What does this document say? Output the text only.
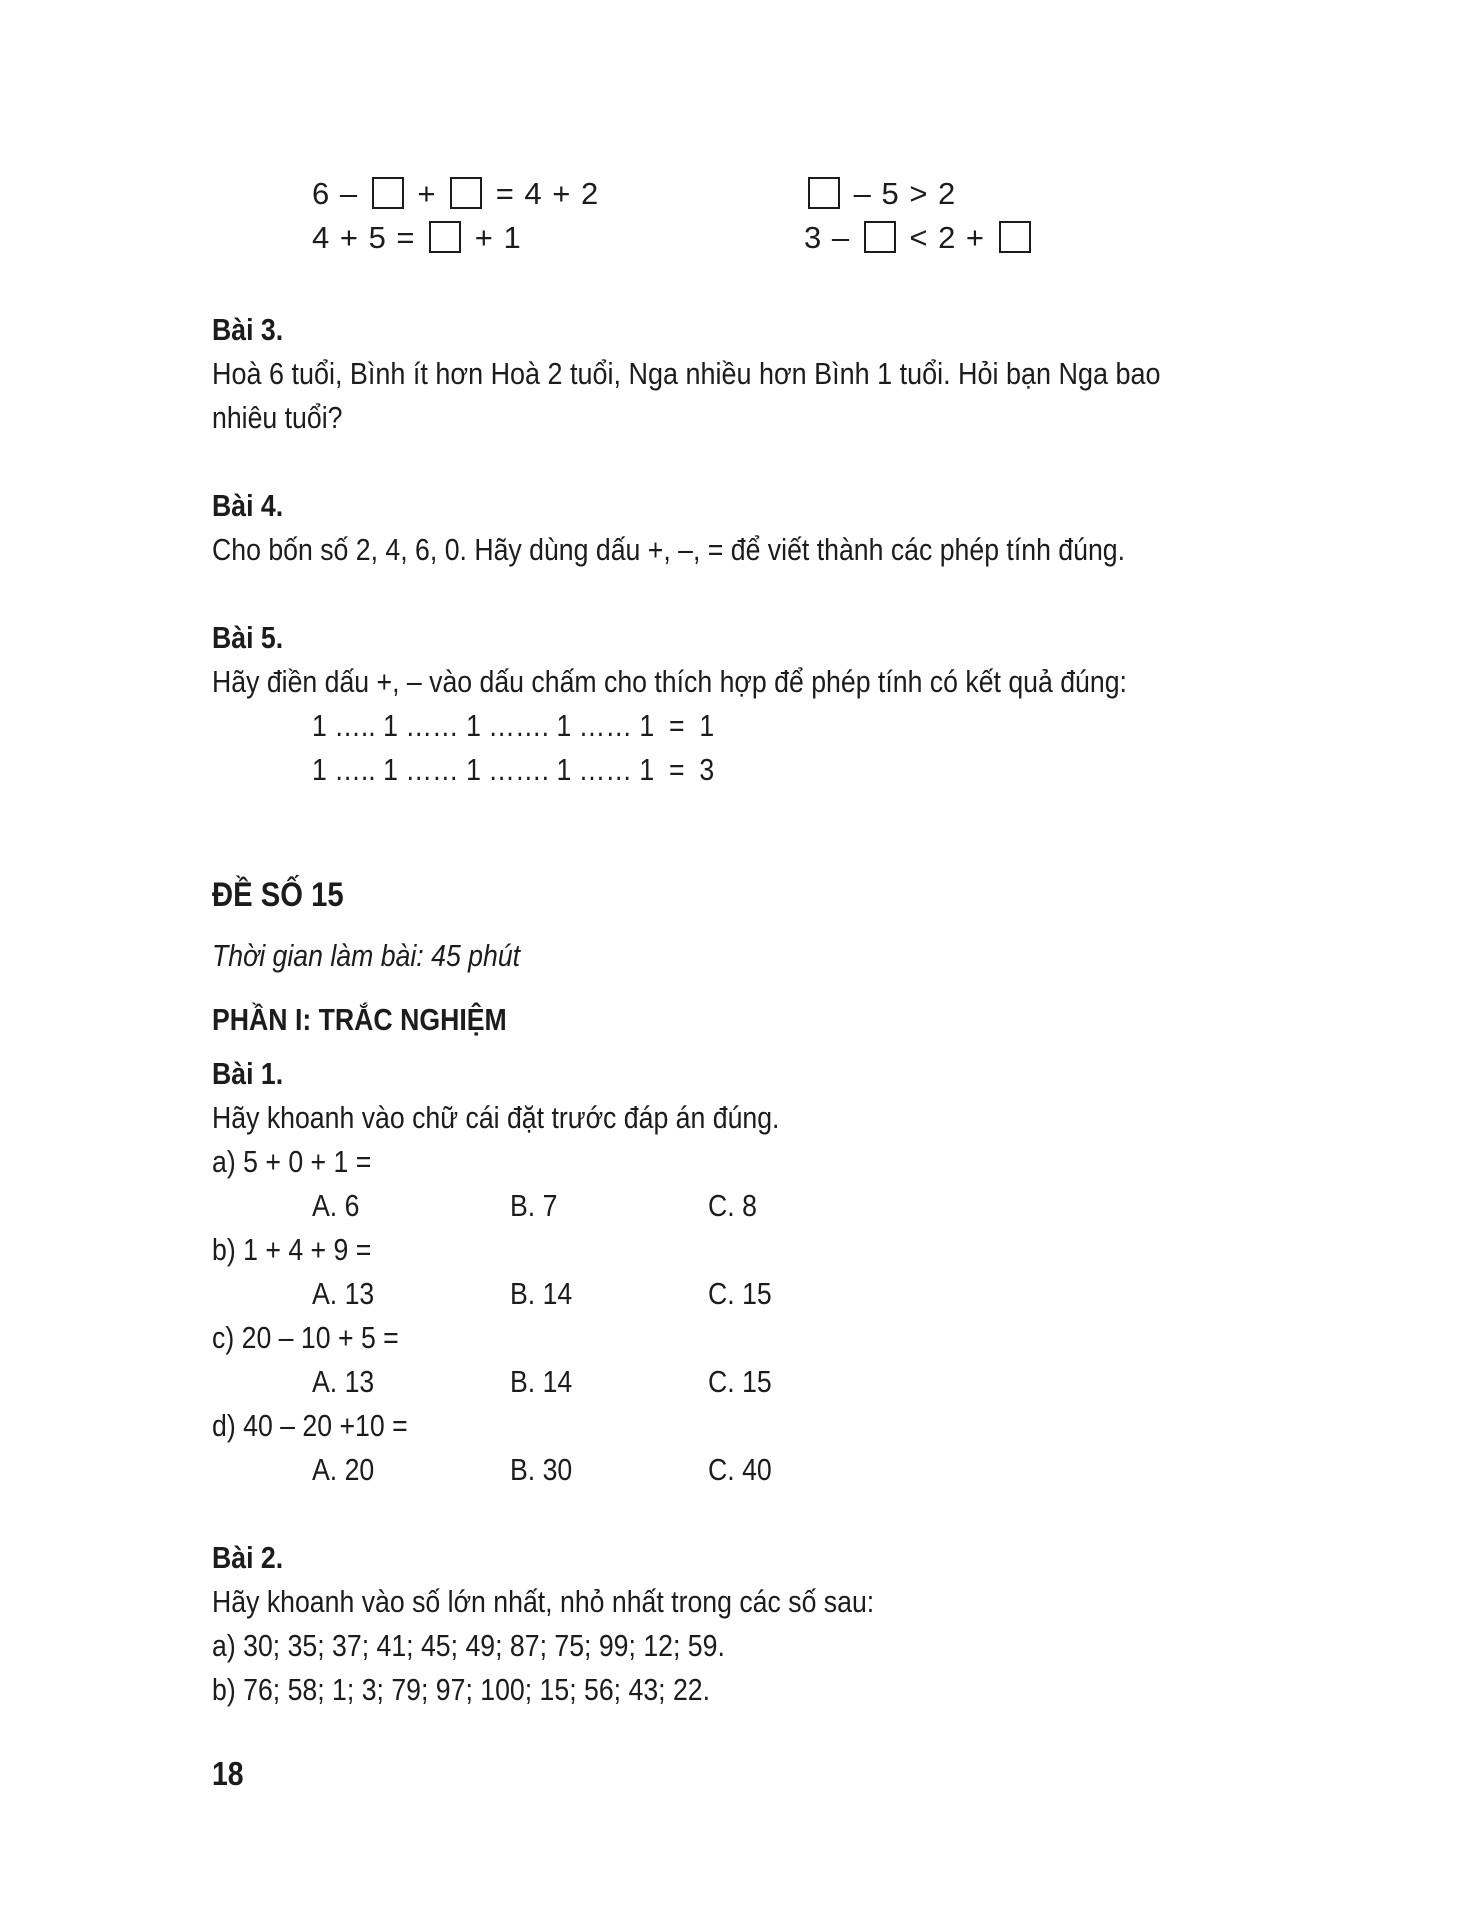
6 – + = 4 + 2	– 5 > 2
4 + 5 = + 1	3 – < 2 +
Bài 3.
Hoà 6 tuổi, Bình ít hơn Hoà 2 tuổi, Nga nhiều hơn Bình 1 tuổi. Hỏi bạn Nga bao
nhiêu tuổi?
Bài 4.
Cho bốn số 2, 4, 6, 0. Hãy dùng dấu +, –, = để viết thành các phép tính đúng.
Bài 5.
Hãy điền dấu +, – vào dấu chấm cho thích hợp để phép tính có kết quả đúng:
1 ….. 1 …… 1 ……. 1 …… 1  =  1
1 ….. 1 …… 1 ……. 1 …… 1  =  3
ĐỀ SỐ 15
Thời gian làm bài: 45 phút
PHẦN I: TRẮC NGHIỆM
Bài 1.
Hãy khoanh vào chữ cái đặt trước đáp án đúng.
a) 5 + 0 + 1 =
A. 6	B. 7	C. 8
b) 1 + 4 + 9 =
A. 13	B. 14	C. 15
c) 20 – 10 + 5 =
A. 13	B. 14	C. 15
d) 40 – 20 +10 =
A. 20	B. 30	C. 40
Bài 2.
Hãy khoanh vào số lớn nhất, nhỏ nhất trong các số sau:
a) 30; 35; 37; 41; 45; 49; 87; 75; 99; 12; 59.
b) 76; 58; 1; 3; 79; 97; 100; 15; 56; 43; 22.
18
